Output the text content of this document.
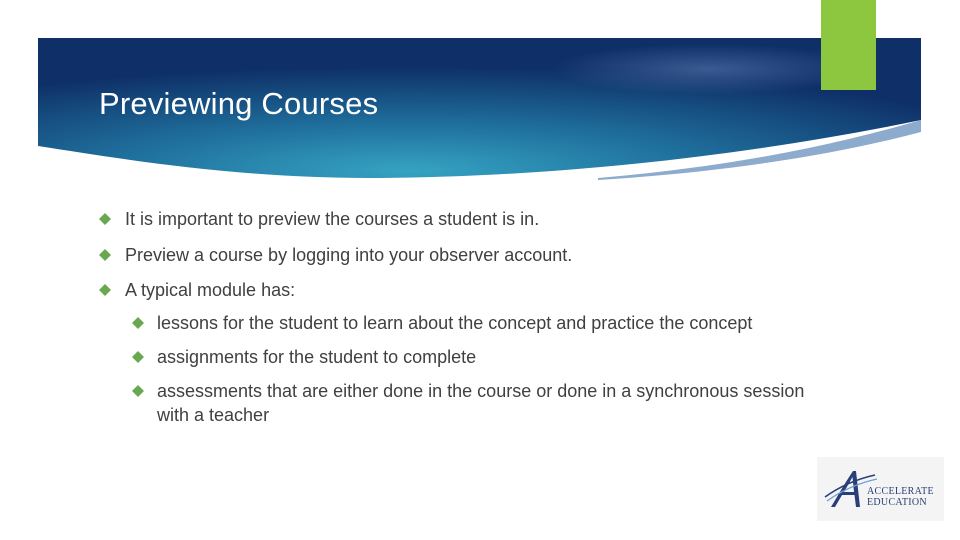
Previewing Courses
It is important to preview the courses a student is in.
Preview a course by logging into your observer account.
A typical module has:
lessons for the student to learn about the concept and practice the concept
assignments for the student to complete
assessments that are either done in the course or done in a synchronous session with a teacher
ACCELERATE
EDUCATION
